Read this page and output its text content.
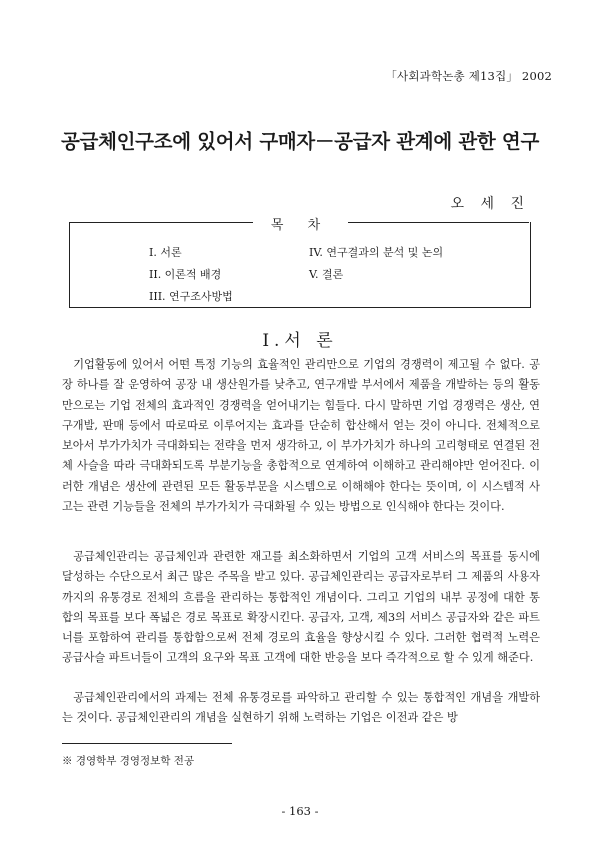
「사회과학논총 제13집」 2002
공급체인구조에 있어서 구매자－공급자 관계에 관한 연구
오 세 진
목 차
I. 서론
II. 이론적 배경
III. 연구조사방법
IV. 연구결과의 분석 및 논의
V. 결론
I.서 론

기업활동에 있어서 어떤 특정 기능의 효율적인 관리만으로 기업의 경쟁력이 제고될 수 없다. 공장 하나를 잘 운영하여 공장 내 생산원가를 낮추고, 연구개발 부서에서 제품을 개발하는 등의 활동만으로는 기업 전체의 효과적인 경쟁력을 얻어내기는 힘들다. 다시 말하면 기업 경쟁력은 생산, 연구개발, 판매 등에서 따로따로 이루어지는 효과를 단순히 합산해서 얻는 것이 아니다. 전체적으로 보아서 부가가치가 극대화되는 전략을 먼저 생각하고, 이 부가가치가 하나의 고리형태로 연결된 전체 사슬을 따라 극대화되도록 부분기능을 총합적으로 연계하여 이해하고 관리해야만 얻어진다. 이러한 개념은 생산에 관련된 모든 활동부문을 시스템으로 이해해야 한다는 뜻이며, 이 시스템적 사고는 관련 기능들을 전체의 부가가치가 극대화될 수 있는 방법으로 인식해야 한다는 것이다.

공급체인관리는 공급체인과 관련한 재고를 최소화하면서 기업의 고객 서비스의 목표를 동시에 달성하는 수단으로서 최근 많은 주목을 받고 있다. 공급체인관리는 공급자로부터 그 제품의 사용자까지의 유통경로 전체의 흐름을 관리하는 통합적인 개념이다. 그리고 기업의 내부 공정에 대한 통합의 목표를 보다 폭넓은 경로 목표로 확장시킨다. 공급자, 고객, 제3의 서비스 공급자와 같은 파트너를 포함하여 관리를 통합함으로써 전체 경로의 효율을 향상시킬 수 있다. 그러한 협력적 노력은 공급사슬 파트너들이 고객의 요구와 목표 고객에 대한 반응을 보다 즉각적으로 할 수 있게 해준다.

공급체인관리에서의 과제는 전체 유통경로를 파악하고 관리할 수 있는 통합적인 개념을 개발하는 것이다. 공급체인관리의 개념을 실현하기 위해 노력하는 기업은 이전과 같은 방

※ 경영학부 경영정보학 전공
- 163 -
